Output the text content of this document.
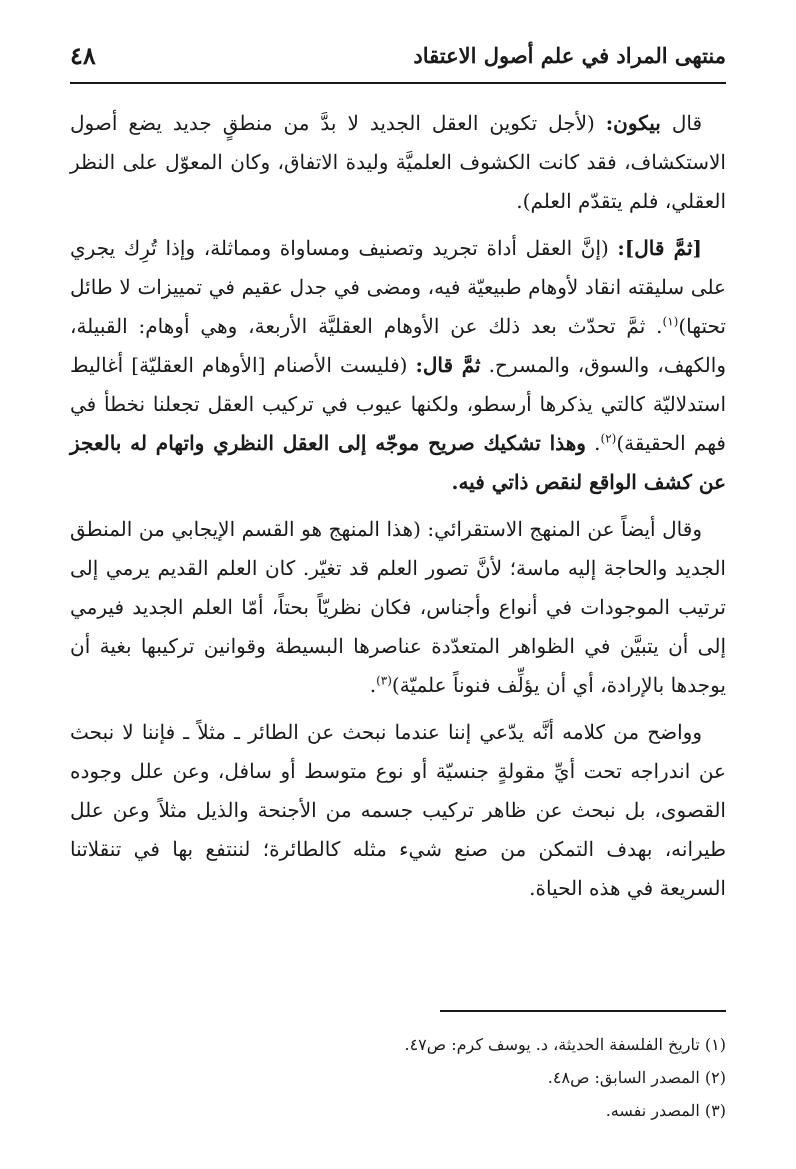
منتهى المراد في علم أصول الاعتقاد
٤٨

قال بيكون: (لأجل تكوين العقل الجديد لا بدَّ من منطقٍ جديد يضع أصول الاستكشاف، فقد كانت الكشوف العلميَّة وليدة الاتفاق، وكان المعوّل على النظر العقلي، فلم يتقدّم العلم).

[ثمَّ قال]: (إنَّ العقل أداة تجريد وتصنيف ومساواة ومماثلة، وإذا تُرِك يجري على سليقته انقاد لأوهام طبيعيّة فيه، ومضى في جدل عقيم في تمييزات لا طائل تحتها)$^{(١)}$. ثمَّ تحدّث بعد ذلك عن الأوهام العقليَّة الأربعة، وهي أوهام: القبيلة، والكهف، والسوق، والمسرح. ثمَّ قال: (فليست الأصنام [الأوهام العقليّة] أغاليط استدلاليّة كالتي يذكرها أرسطو، ولكنها عيوب في تركيب العقل تجعلنا نخطأ في فهم الحقيقة)$^{(٢)}$. وهذا تشكيك صريح موجّه إلى العقل النظري واتهام له بالعجز عن كشف الواقع لنقص ذاتي فيه.

وقال أيضاً عن المنهج الاستقرائي: (هذا المنهج هو القسم الإيجابي من المنطق الجديد والحاجة إليه ماسة؛ لأنَّ تصور العلم قد تغيّر. كان العلم القديم يرمي إلى ترتيب الموجودات في أنواع وأجناس، فكان نظريّاً بحتاً، أمّا العلم الجديد فيرمي إلى أن يتبيَّن في الظواهر المتعدّدة عناصرها البسيطة وقوانين تركيبها بغية أن يوجدها بالإرادة، أي أن يؤلِّف فنوناً علميّة)$^{(٣)}$.

وواضح من كلامه أنَّه يدّعي إننا عندما نبحث عن الطائر ـ مثلاً ـ فإننا لا نبحث عن اندراجه تحت أيِّ مقولةٍ جنسيّة أو نوع متوسط أو سافل، وعن علل وجوده القصوى، بل نبحث عن ظاهر تركيب جسمه من الأجنحة والذيل مثلاً وعن علل طيرانه، بهدف التمكن من صنع شيء مثله كالطائرة؛ لننتفع بها في تنقلاتنا السريعة في هذه الحياة.

(١) تاريخ الفلسفة الحديثة، د. يوسف كرم: ص٤٧.

(٢) المصدر السابق: ص٤٨.

(٣) المصدر نفسه.
